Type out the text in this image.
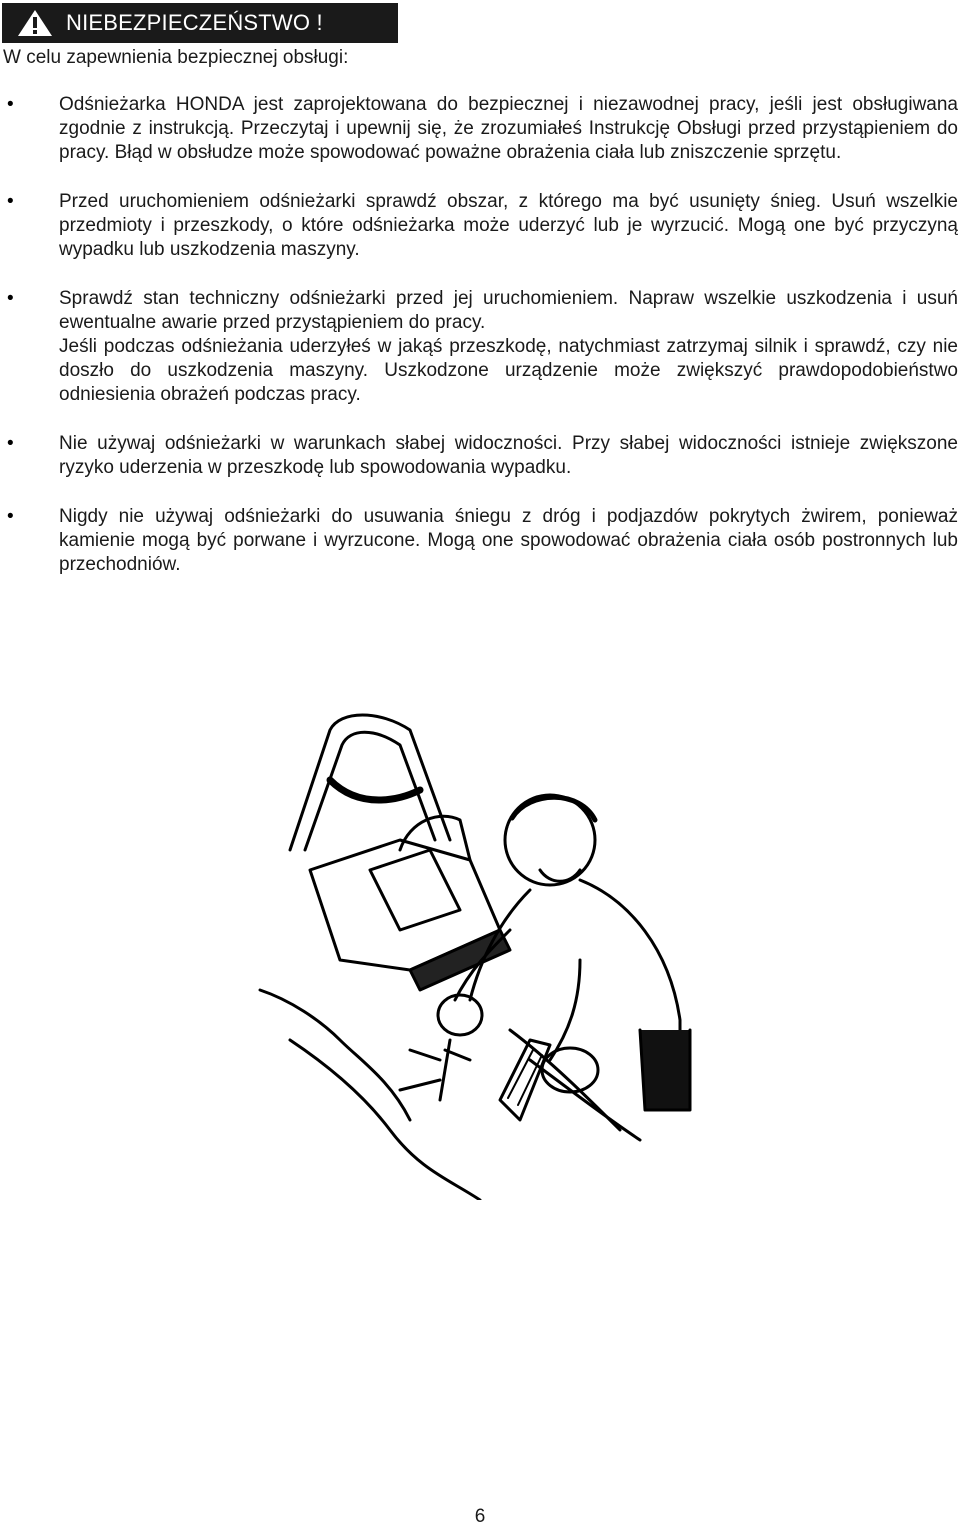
NIEBEZPIECZEŃSTWO !
W celu zapewnienia bezpiecznej obsługi:
• Odśnieżarka HONDA jest zaprojektowana do bezpiecznej i niezawodnej pracy, jeśli jest obsługiwana zgodnie z instrukcją. Przeczytaj i upewnij się, że zrozumiałeś Instrukcję Obsługi przed przystąpieniem do pracy. Błąd w obsłudze może spowodować poważne obrażenia ciała lub zniszczenie sprzętu.

• Przed uruchomieniem odśnieżarki sprawdź obszar, z którego ma być usunięty śnieg. Usuń wszelkie przedmioty i przeszkody, o które odśnieżarka może uderzyć lub je wyrzucić. Mogą one być przyczyną wypadku lub uszkodzenia maszyny.

• Sprawdź stan techniczny odśnieżarki przed jej uruchomieniem. Napraw wszelkie uszkodzenia i usuń ewentualne awarie przed przystąpieniem do pracy.

Jeśli podczas odśnieżania uderzyłeś w jakąś przeszkodę, natychmiast zatrzymaj silnik i sprawdź, czy nie doszło do uszkodzenia maszyny. Uszkodzone urządzenie może zwiększyć prawdopodobieństwo odniesienia obrażeń podczas pracy.

• Nie używaj odśnieżarki w warunkach słabej widoczności. Przy słabej widoczności istnieje zwiększone ryzyko uderzenia w przeszkodę lub spowodowania wypadku.

• Nigdy nie używaj odśnieżarki do usuwania śniegu z dróg i podjazdów pokrytych żwirem, ponieważ kamienie mogą być porwane i wyrzucone. Mogą one spowodować obrażenia ciała osób postronnych lub przechodniów.

6
